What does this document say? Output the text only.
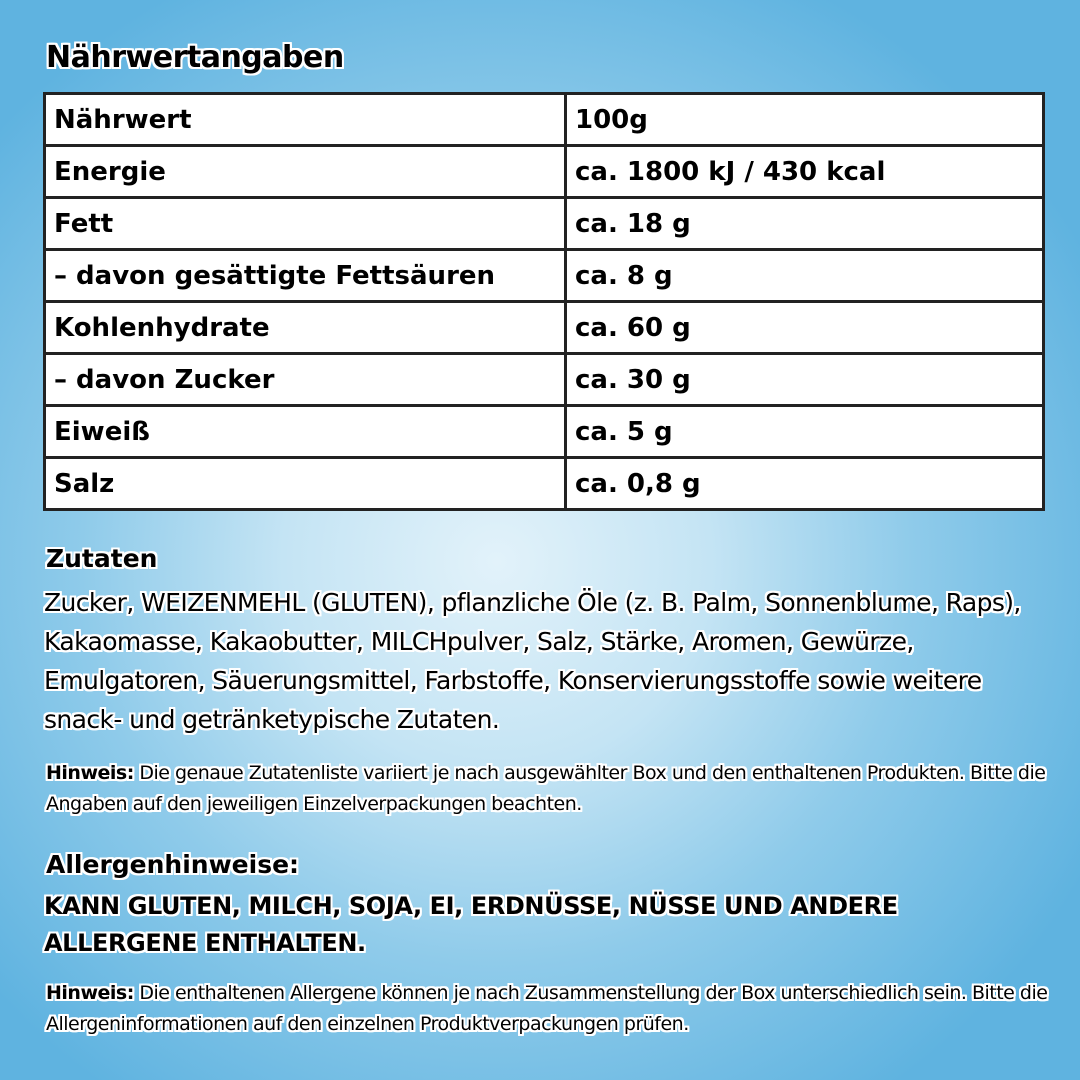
Nährwertangaben
Nährwert	100g
Energie	ca. 1800 kJ / 430 kcal
Fett	ca. 18 g
– davon gesättigte Fettsäuren	ca. 8 g
Kohlenhydrate	ca. 60 g
– davon Zucker	ca. 30 g
Eiweiß	ca. 5 g
Salz	ca. 0,8 g
Zutaten
Zucker, WEIZENMEHL (GLUTEN), pflanzliche Öle (z. B. Palm, Sonnenblume, Raps), Kakaomasse, Kakaobutter, MILCHpulver, Salz, Stärke, Aromen, Gewürze, Emulgatoren, Säuerungsmittel, Farbstoffe, Konservierungsstoffe sowie weitere snack- und getränketypische Zutaten.
Hinweis: Die genaue Zutatenliste variiert je nach ausgewählter Box und den enthaltenen Produkten. Bitte die Angaben auf den jeweiligen Einzelverpackungen beachten.
Allergenhinweise:
KANN GLUTEN, MILCH, SOJA, EI, ERDNÜSSE, NÜSSE UND ANDERE ALLERGENE ENTHALTEN.
Hinweis: Die enthaltenen Allergene können je nach Zusammenstellung der Box unterschiedlich sein. Bitte die Allergeninformationen auf den einzelnen Produktverpackungen prüfen.
